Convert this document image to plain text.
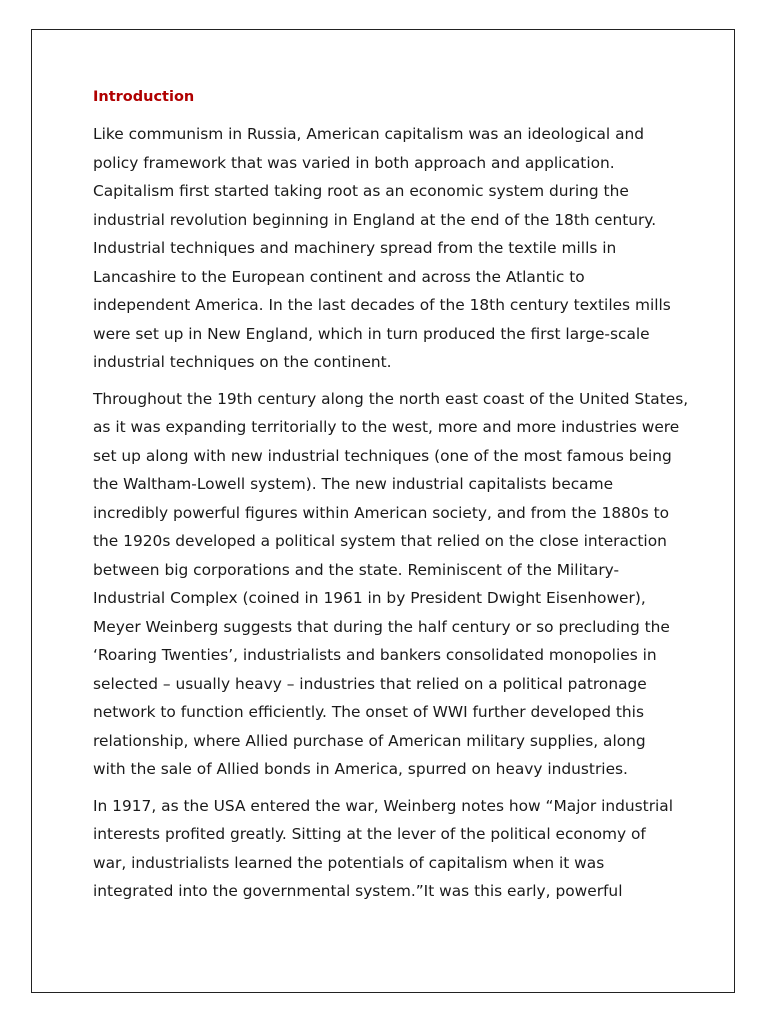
Introduction

Like communism in Russia, American capitalism was an ideological and
policy framework that was varied in both approach and application.
Capitalism first started taking root as an economic system during the
industrial revolution beginning in England at the end of the 18th century.
Industrial techniques and machinery spread from the textile mills in
Lancashire to the European continent and across the Atlantic to
independent America. In the last decades of the 18th century textiles mills
were set up in New England, which in turn produced the first large-scale
industrial techniques on the continent.

Throughout the 19th century along the north east coast of the United States,
as it was expanding territorially to the west, more and more industries were
set up along with new industrial techniques (one of the most famous being
the Waltham-Lowell system). The new industrial capitalists became
incredibly powerful figures within American society, and from the 1880s to
the 1920s developed a political system that relied on the close interaction
between big corporations and the state. Reminiscent of the Military-
Industrial Complex (coined in 1961 in by President Dwight Eisenhower),
Meyer Weinberg suggests that during the half century or so precluding the
‘Roaring Twenties’, industrialists and bankers consolidated monopolies in
selected – usually heavy – industries that relied on a political patronage
network to function efficiently. The onset of WWI further developed this
relationship, where Allied purchase of American military supplies, along
with the sale of Allied bonds in America, spurred on heavy industries.

In 1917, as the USA entered the war, Weinberg notes how “Major industrial
interests profited greatly. Sitting at the lever of the political economy of
war, industrialists learned the potentials of capitalism when it was
integrated into the governmental system.”It was this early, powerful
